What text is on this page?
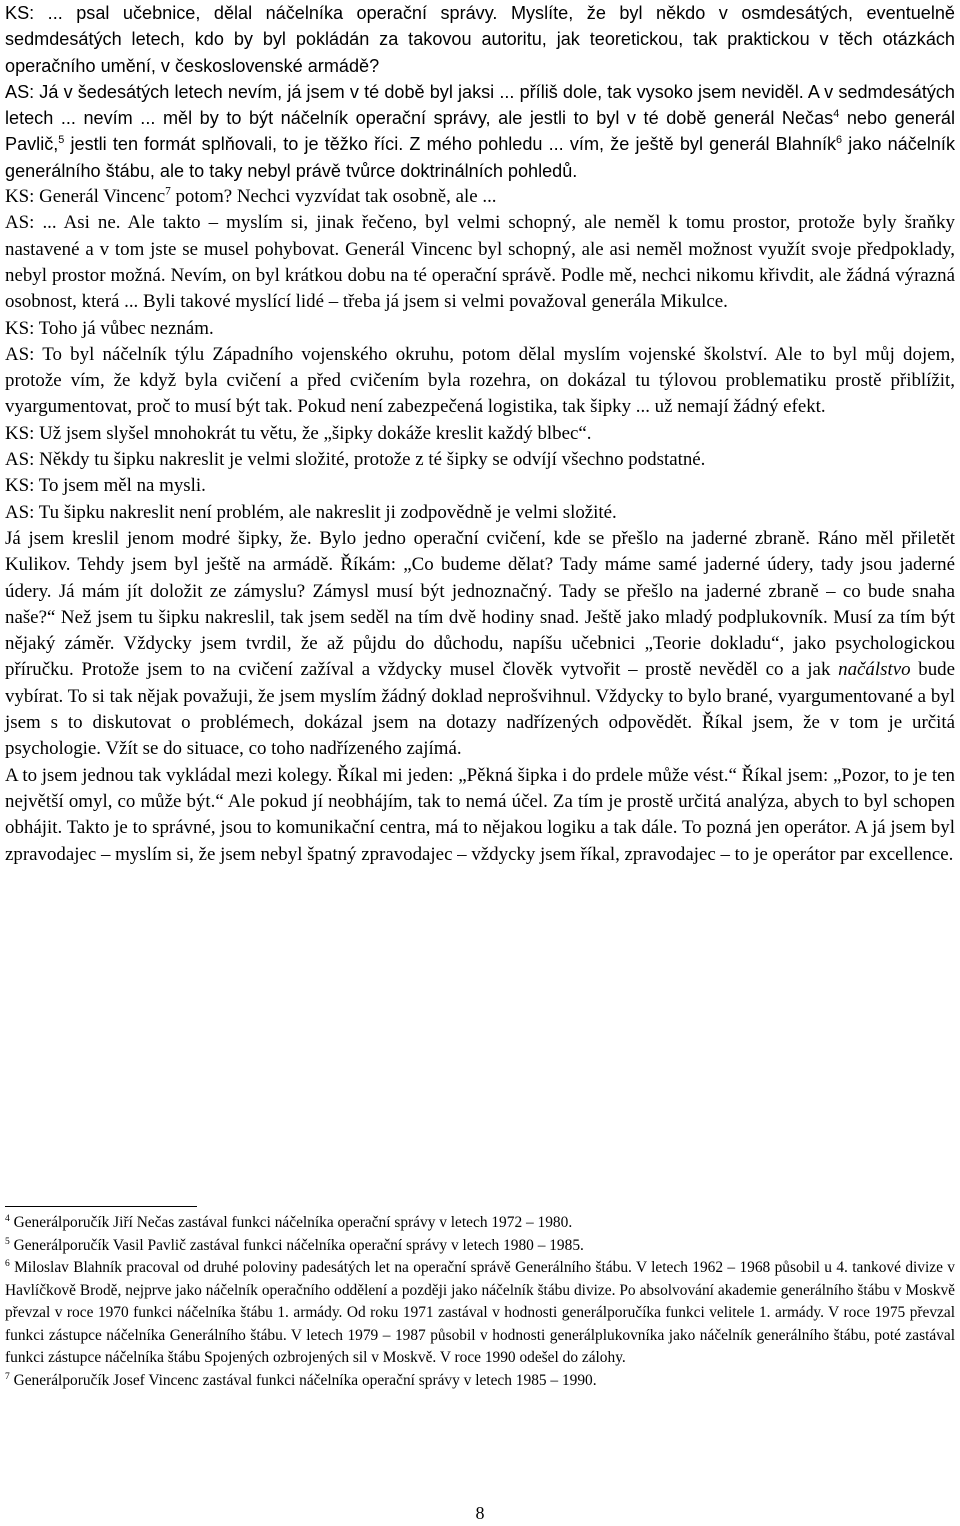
KS: ... psal učebnice, dělal náčelníka operační správy. Myslíte, že byl někdo v osmdesátých, eventuelně sedmdesátých letech, kdo by byl pokládán za takovou autoritu, jak teoretickou, tak praktickou v těch otázkách operačního umění, v československé armádě?

AS: Já v šedesátých letech nevím, já jsem v té době byl jaksi ... příliš dole, tak vysoko jsem neviděl. A v sedmdesátých letech ... nevím ... měl by to být náčelník operační správy, ale jestli to byl v té době generál Nečas$^4$ nebo generál Pavlič,$^5$ jestli ten formát splňovali, to je těžko říci. Z mého pohledu ... vím, že ještě byl generál Blahník$^6$ jako náčelník generálního štábu, ale to taky nebyl právě tvůrce doktrinálních pohledů.

KS: Generál Vincenc$^7$ potom? Nechci vyzvídat tak osobně, ale ...

AS: ... Asi ne. Ale takto – myslím si, jinak řečeno, byl velmi schopný, ale neměl k tomu prostor, protože byly šraňky nastavené a v tom jste se musel pohybovat. Generál Vincenc byl schopný, ale asi neměl možnost využít svoje předpoklady, nebyl prostor možná. Nevím, on byl krátkou dobu na té operační správě. Podle mě, nechci nikomu křivdit, ale žádná výrazná osobnost, která ... Byli takové myslící lidé – třeba já jsem si velmi považoval generála Mikulce.

KS: Toho já vůbec neznám.

AS: To byl náčelník týlu Západního vojenského okruhu, potom dělal myslím vojenské školství. Ale to byl můj dojem, protože vím, že když byla cvičení a před cvičením byla rozehra, on dokázal tu týlovou problematiku prostě přiblížit, vyargumentovat, proč to musí být tak. Pokud není zabezpečená logistika, tak šipky ... už nemají žádný efekt.

KS: Už jsem slyšel mnohokrát tu větu, že „šipky dokáže kreslit každý blbec“.

AS: Někdy tu šipku nakreslit je velmi složité, protože z té šipky se odvíjí všechno podstatné.

KS: To jsem měl na mysli.

AS: Tu šipku nakreslit není problém, ale nakreslit ji zodpovědně je velmi složité.

Já jsem kreslil jenom modré šipky, že. Bylo jedno operační cvičení, kde se přešlo na jaderné zbraně. Ráno měl přiletět Kulikov. Tehdy jsem byl ještě na armádě. Říkám: „Co budeme dělat? Tady máme samé jaderné údery, tady jsou jaderné údery. Já mám jít doložit ze zámyslu? Zámysl musí být jednoznačný. Tady se přešlo na jaderné zbraně – co bude snaha naše?“ Než jsem tu šipku nakreslil, tak jsem seděl na tím dvě hodiny snad. Ještě jako mladý podplukovník. Musí za tím být nějaký záměr. Vždycky jsem tvrdil, že až půjdu do důchodu, napíšu učebnici „Teorie dokladu“, jako psychologickou příručku. Protože jsem to na cvičení zažíval a vždycky musel člověk vytvořit – prostě nevěděl co a jak načálstvo bude vybírat. To si tak nějak považuji, že jsem myslím žádný doklad neprošvihnul. Vždycky to bylo brané, vyargumentované a byl jsem s to diskutovat o problémech, dokázal jsem na dotazy nadřízených odpovědět. Říkal jsem, že v tom je určitá psychologie. Vžít se do situace, co toho nadřízeného zajímá.

A to jsem jednou tak vykládal mezi kolegy. Říkal mi jeden: „Pěkná šipka i do prdele může vést.“ Říkal jsem: „Pozor, to je ten největší omyl, co může být.“ Ale pokud jí neobhájím, tak to nemá účel. Za tím je prostě určitá analýza, abych to byl schopen obhájit. Takto je to správné, jsou to komunikační centra, má to nějakou logiku a tak dále. To pozná jen operátor. A já jsem byl zpravodajec – myslím si, že jsem nebyl špatný zpravodajec – vždycky jsem říkal, zpravodajec – to je operátor par excellence.

$^4$ Generálporučík Jiří Nečas zastával funkci náčelníka operační správy v letech 1972 – 1980.

$^5$ Generálporučík Vasil Pavlič zastával funkci náčelníka operační správy v letech 1980 – 1985.

$^6$ Miloslav Blahník pracoval od druhé poloviny padesátých let na operační správě Generálního štábu. V letech 1962 – 1968 působil u 4. tankové divize v Havlíčkově Brodě, nejprve jako náčelník operačního oddělení a později jako náčelník štábu divize. Po absolvování akademie generálního štábu v Moskvě převzal v roce 1970 funkci náčelníka štábu 1. armády. Od roku 1971 zastával v hodnosti generálporučíka funkci velitele 1. armády. V roce 1975 převzal funkci zástupce náčelníka Generálního štábu. V letech 1979 – 1987 působil v hodnosti generálplukovníka jako náčelník generálního štábu, poté zastával funkci zástupce náčelníka štábu Spojených ozbrojených sil v Moskvě. V roce 1990 odešel do zálohy.

$^7$ Generálporučík Josef Vincenc zastával funkci náčelníka operační správy v letech 1985 – 1990.

8
